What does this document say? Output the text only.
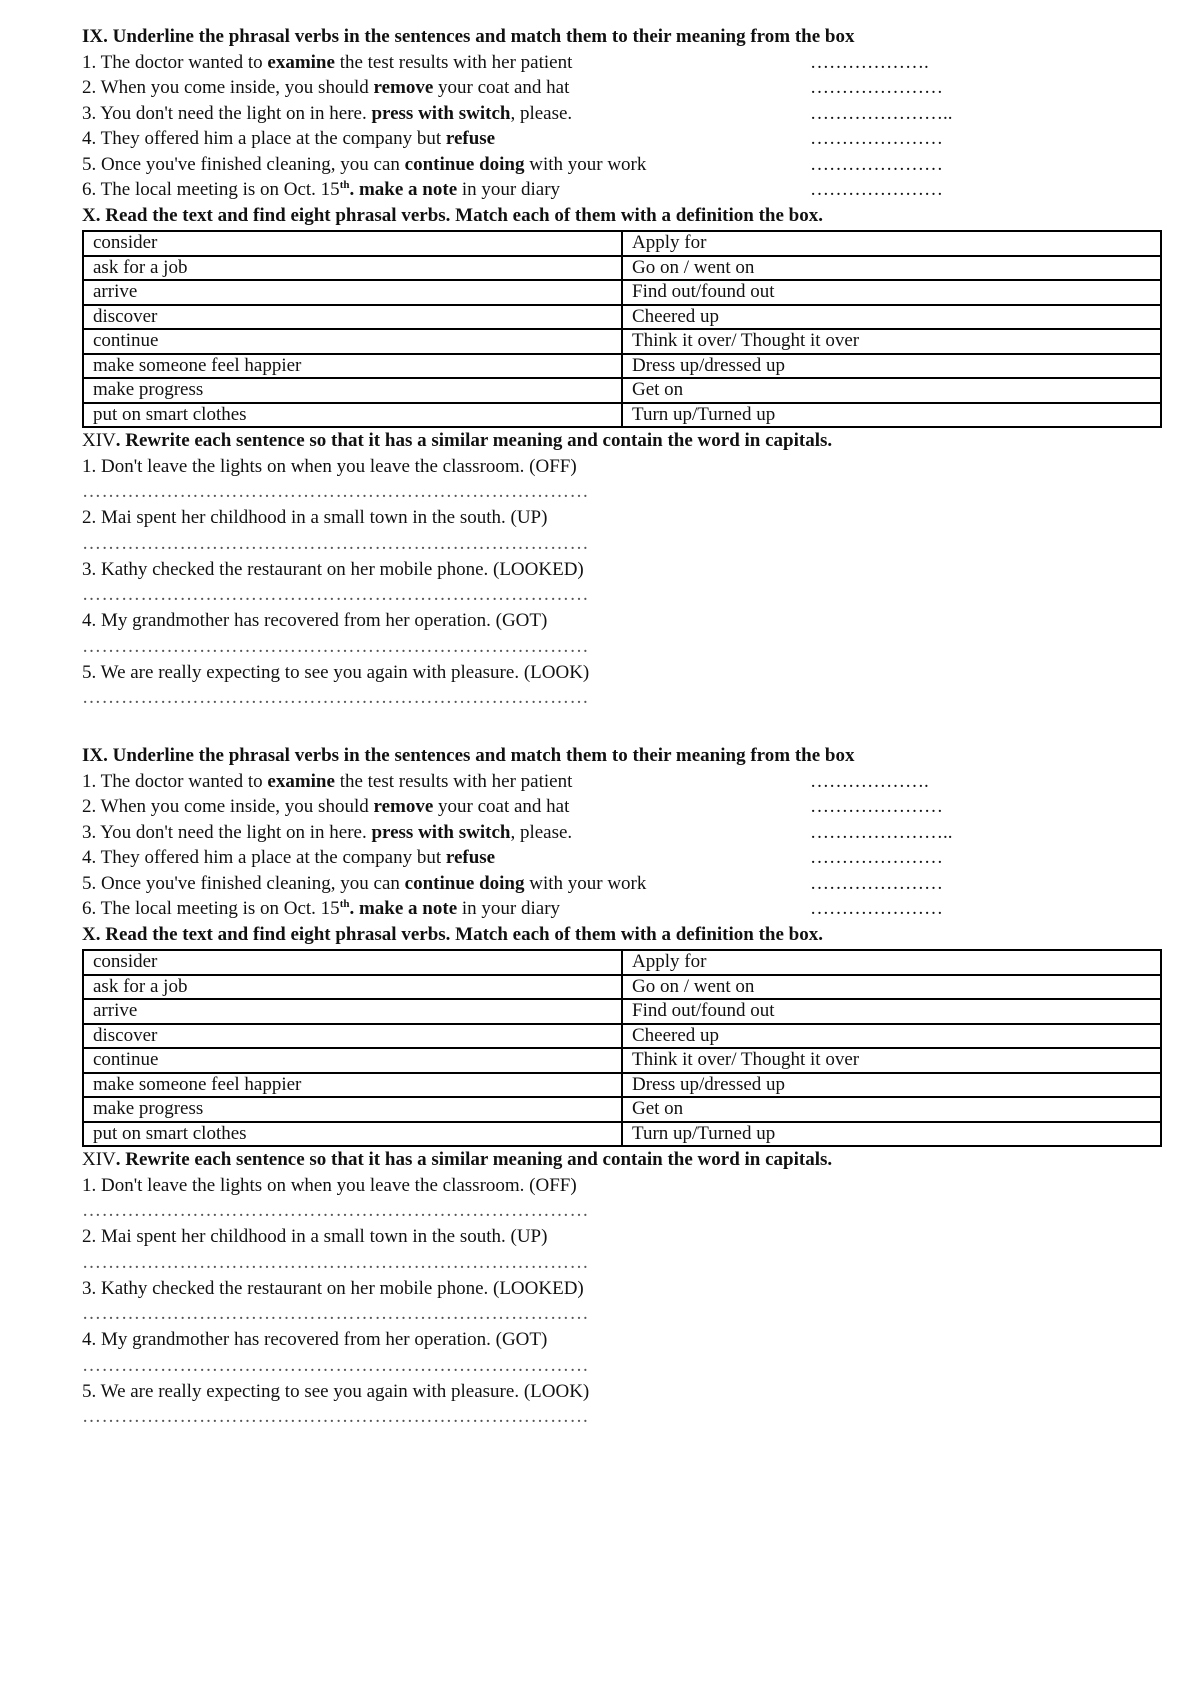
IX. Underline the phrasal verbs in the sentences and match them to their meaning from the box
1. The doctor wanted to examine the test results with her patient	……………….
2. When you come inside, you should remove your coat and hat	…………………
3. You don't need the light on in here. press with switch, please.	…………………..
4. They offered him a place at the company but refuse	…………………
5. Once you've finished cleaning, you can continue doing with your work	…………………
6. The local meeting is on Oct. 15th. make a note in your diary	…………………
X. Read the text and find eight phrasal verbs. Match each of them with a definition the box.
consider	Apply for
ask for a job	Go on / went on
arrive	Find out/found out
discover	Cheered up
continue	Think it over/ Thought it over
make someone feel happier	Dress up/dressed up
make progress	Get on
put on smart clothes	Turn up/Turned up
XIV. Rewrite each sentence so that it has a similar meaning and contain the word in capitals.
1. Don't leave the lights on when you leave the classroom. (OFF)
……………………………………………………………………
2. Mai spent her childhood in a small town in the south. (UP)
……………………………………………………………………
3. Kathy checked the restaurant on her mobile phone. (LOOKED)
……………………………………………………………………
4. My grandmother has recovered from her operation. (GOT)
……………………………………………………………………
5. We are really expecting to see you again with pleasure. (LOOK)
……………………………………………………………………
IX. Underline the phrasal verbs in the sentences and match them to their meaning from the box
1. The doctor wanted to examine the test results with her patient	……………….
2. When you come inside, you should remove your coat and hat	…………………
3. You don't need the light on in here. press with switch, please.	…………………..
4. They offered him a place at the company but refuse	…………………
5. Once you've finished cleaning, you can continue doing with your work	…………………
6. The local meeting is on Oct. 15th. make a note in your diary	…………………
X. Read the text and find eight phrasal verbs. Match each of them with a definition the box.
consider	Apply for
ask for a job	Go on / went on
arrive	Find out/found out
discover	Cheered up
continue	Think it over/ Thought it over
make someone feel happier	Dress up/dressed up
make progress	Get on
put on smart clothes	Turn up/Turned up
XIV. Rewrite each sentence so that it has a similar meaning and contain the word in capitals.
1. Don't leave the lights on when you leave the classroom. (OFF)
……………………………………………………………………
2. Mai spent her childhood in a small town in the south. (UP)
……………………………………………………………………
3. Kathy checked the restaurant on her mobile phone. (LOOKED)
……………………………………………………………………
4. My grandmother has recovered from her operation. (GOT)
……………………………………………………………………
5. We are really expecting to see you again with pleasure. (LOOK)
……………………………………………………………………
